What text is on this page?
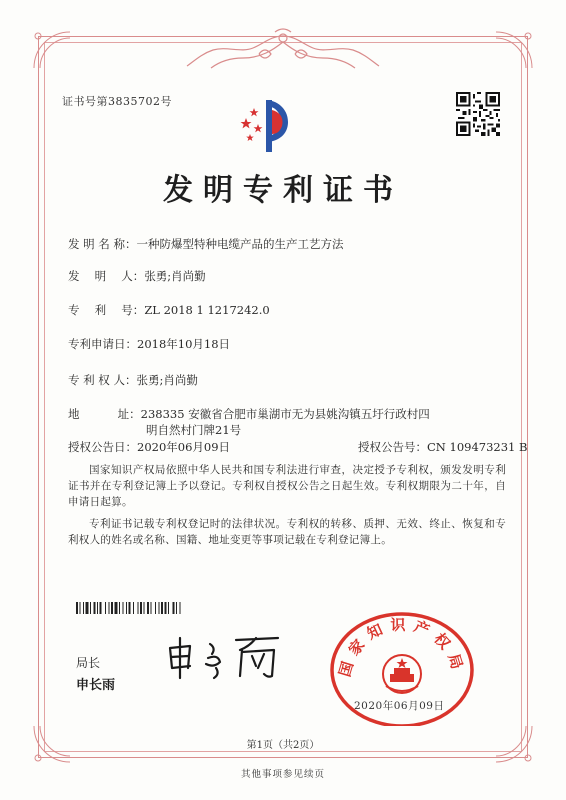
证书号第3835702号
发明专利证书
发 明 名 称：一种防爆型特种电缆产品的生产工艺方法
发　 明　 人：张勇;肖尚勤
专　 利　 号：ZL 2018 1 1217242.0
专利申请日：2018年10月18日
专 利 权 人：张勇;肖尚勤
地　　　 址：238335 安徽省合肥市巢湖市无为县姚沟镇五圩行政村四
明自然村门牌21号
授权公告日：2020年06月09日	授权公告号：CN 109473231 B
国家知识产权局依照中华人民共和国专利法进行审查，决定授予专利权，颁发发明专利证书并在专利登记簿上予以登记。专利权自授权公告之日起生效。专利权期限为二十年，自申请日起算。
专利证书记载专利权登记时的法律状况。专利权的转移、质押、无效、终止、恢复和专利权人的姓名或名称、国籍、地址变更等事项记载在专利登记簿上。
局长
申长雨
国家知识产权局
2020年06月09日
第1页（共2页）
其他事项参见续页
